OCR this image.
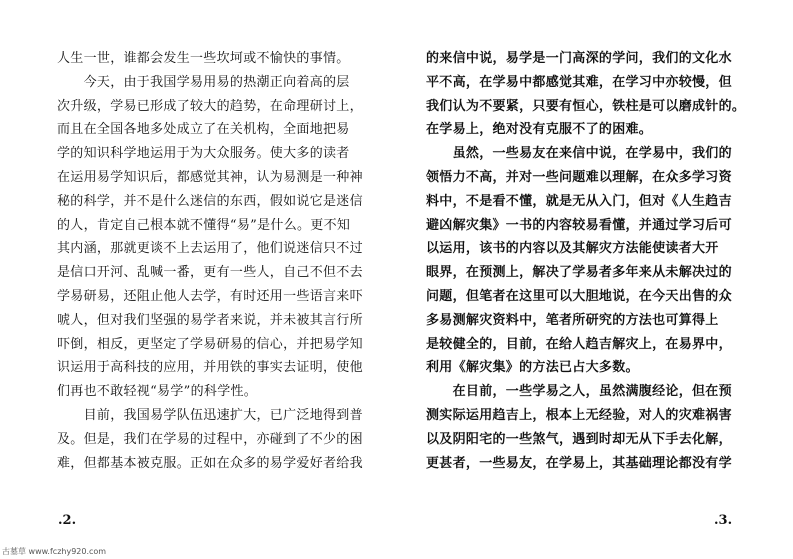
人生一世，谁都会发生一些坎坷或不愉快的事情。
　　今天，由于我国学易用易的热潮正向着高的层
次升级，学易已形成了较大的趋势，在命理研讨上，
而且在全国各地多处成立了在关机构，全面地把易
学的知识科学地运用于为大众服务。使大多的读者
在运用易学知识后，都感觉其神，认为易测是一种神
秘的科学，并不是什么迷信的东西，假如说它是迷信
的人，肯定自己根本就不懂得“易”是什么。更不知
其内涵，那就更谈不上去运用了，他们说迷信只不过
是信口开河、乱喊一番，更有一些人，自己不但不去
学易研易，还阻止他人去学，有时还用一些语言来吓
唬人，但对我们坚强的易学者来说，并未被其言行所
吓倒，相反，更坚定了学易研易的信心，并把易学知
识运用于高科技的应用，并用铁的事实去证明，使他
们再也不敢轻视“易学”的科学性。
　　目前，我国易学队伍迅速扩大，已广泛地得到普
及。但是，我们在学易的过程中，亦碰到了不少的困
难，但都基本被克服。正如在众多的易学爱好者给我
.2.
的来信中说，易学是一门高深的学问，我们的文化水
平不高，在学易中都感觉其难，在学习中亦较慢，但
我们认为不要紧，只要有恒心，铁柱是可以磨成针的。
在学易上，绝对没有克服不了的困难。
　　虽然，一些易友在来信中说，在学易中，我们的
领悟力不高，并对一些问题难以理解，在众多学习资
料中，不是看不懂，就是无从入门，但对《人生趋吉
避凶解灾集》一书的内容较易看懂，并通过学习后可
以运用，该书的内容以及其解灾方法能使读者大开
眼界，在预测上，解决了学易者多年来从未解决过的
问题，但笔者在这里可以大胆地说，在今天出售的众
多易测解灾资料中，笔者所研究的方法也可算得上
是较健全的，目前，在给人趋吉解灾上，在易界中，
利用《解灾集》的方法已占大多数。
　　在目前，一些学易之人，虽然满腹经论，但在预
测实际运用趋吉上，根本上无经验，对人的灾难祸害
以及阴阳宅的一些煞气，遇到时却无从下手去化解，
更甚者，一些易友，在学易上，其基础理论都没有学
.3.
古墓草 www.fczhy920.com
